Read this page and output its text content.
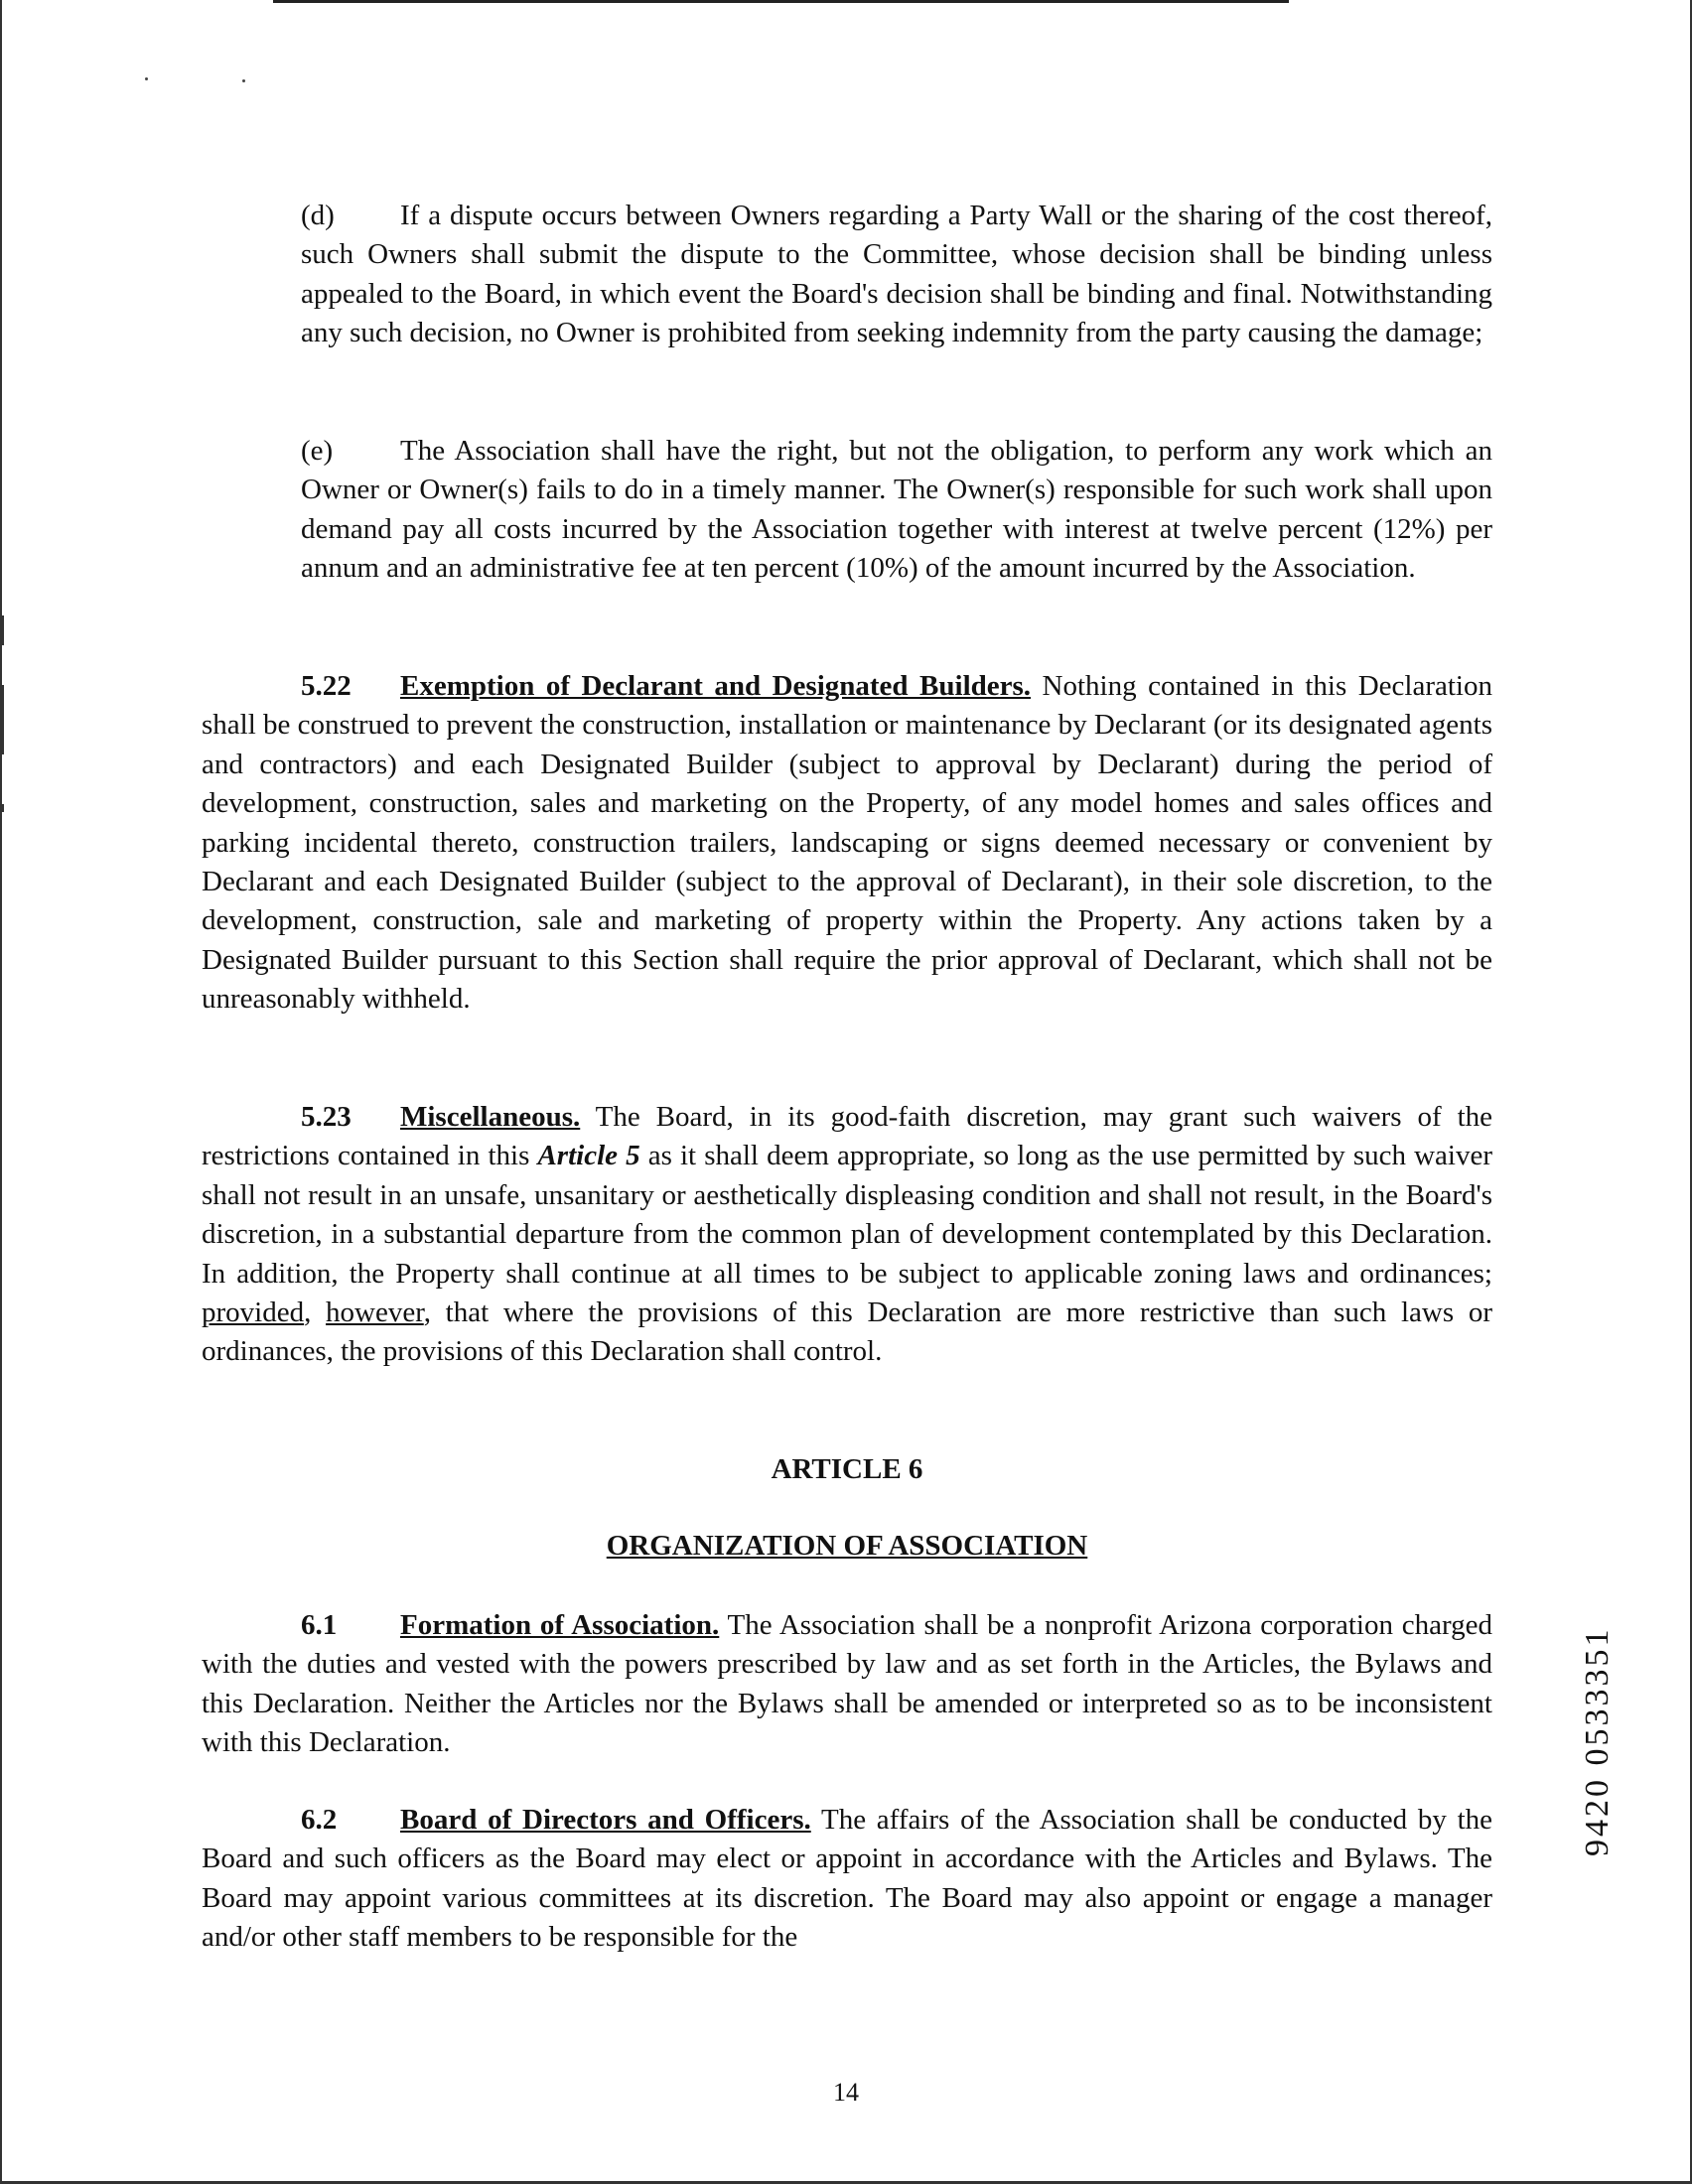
(d) If a dispute occurs between Owners regarding a Party Wall or the sharing of the cost thereof, such Owners shall submit the dispute to the Committee, whose decision shall be binding unless appealed to the Board, in which event the Board's decision shall be binding and final. Notwithstanding any such decision, no Owner is prohibited from seeking indemnity from the party causing the damage;

(e) The Association shall have the right, but not the obligation, to perform any work which an Owner or Owner(s) fails to do in a timely manner. The Owner(s) responsible for such work shall upon demand pay all costs incurred by the Association together with interest at twelve percent (12%) per annum and an administrative fee at ten percent (10%) of the amount incurred by the Association.

5.22 Exemption of Declarant and Designated Builders. Nothing contained in this Declaration shall be construed to prevent the construction, installation or maintenance by Declarant (or its designated agents and contractors) and each Designated Builder (subject to approval by Declarant) during the period of development, construction, sales and marketing on the Property, of any model homes and sales offices and parking incidental thereto, construction trailers, landscaping or signs deemed necessary or convenient by Declarant and each Designated Builder (subject to the approval of Declarant), in their sole discretion, to the development, construction, sale and marketing of property within the Property. Any actions taken by a Designated Builder pursuant to this Section shall require the prior approval of Declarant, which shall not be unreasonably withheld.

5.23 Miscellaneous. The Board, in its good-faith discretion, may grant such waivers of the restrictions contained in this Article 5 as it shall deem appropriate, so long as the use permitted by such waiver shall not result in an unsafe, unsanitary or aesthetically displeasing condition and shall not result, in the Board's discretion, in a substantial departure from the common plan of development contemplated by this Declaration. In addition, the Property shall continue at all times to be subject to applicable zoning laws and ordinances; provided, however, that where the provisions of this Declaration are more restrictive than such laws or ordinances, the provisions of this Declaration shall control.

ARTICLE 6
ORGANIZATION OF ASSOCIATION

6.1 Formation of Association. The Association shall be a nonprofit Arizona corporation charged with the duties and vested with the powers prescribed by law and as set forth in the Articles, the Bylaws and this Declaration. Neither the Articles nor the Bylaws shall be amended or interpreted so as to be inconsistent with this Declaration.

6.2 Board of Directors and Officers. The affairs of the Association shall be conducted by the Board and such officers as the Board may elect or appoint in accordance with the Articles and Bylaws. The Board may appoint various committees at its discretion. The Board may also appoint or engage a manager and/or other staff members to be responsible for the

14
9420 0533351
